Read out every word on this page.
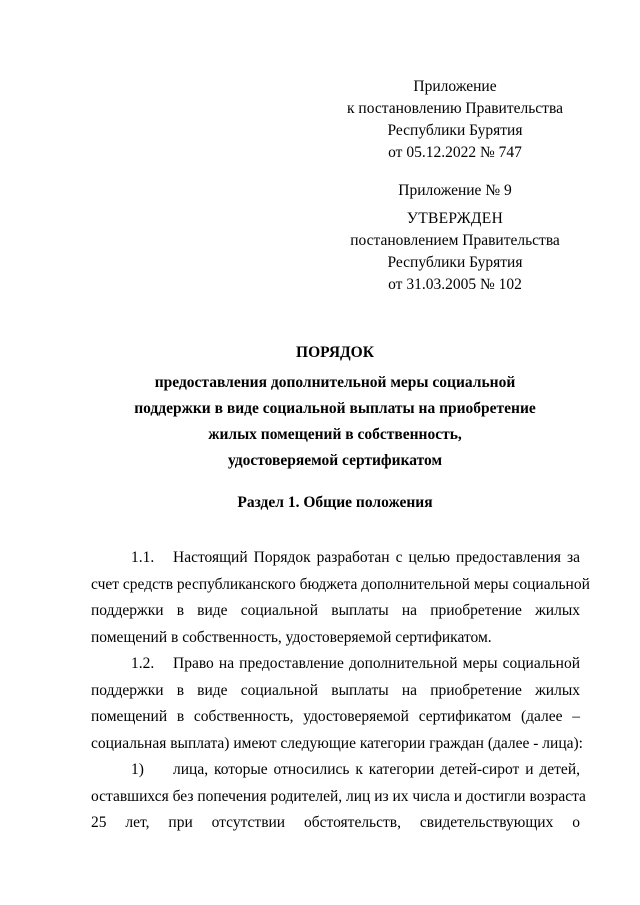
Приложение
к постановлению Правительства
Республики Бурятия
от 05.12.2022 № 747
Приложение № 9
УТВЕРЖДЕН
постановлением Правительства
Республики Бурятия
от 31.03.2005 № 102
ПОРЯДОК
предоставления дополнительной меры социальной
поддержки в виде социальной выплаты на приобретение
жилых помещений в собственность,
удостоверяемой сертификатом
Раздел 1. Общие положения
1.1. Настоящий Порядок разработан с целью предоставления за
счет средств республиканского бюджета дополнительной меры социальной
поддержки в виде социальной выплаты на приобретение жилых
помещений в собственность, удостоверяемой сертификатом.
1.2. Право на предоставление дополнительной меры социальной
поддержки в виде социальной выплаты на приобретение жилых
помещений в собственность, удостоверяемой сертификатом (далее –
социальная выплата) имеют следующие категории граждан (далее - лица):
1) лица, которые относились к категории детей-сирот и детей,
оставшихся без попечения родителей, лиц из их числа и достигли возраста
25 лет, при отсутствии обстоятельств, свидетельствующих о
